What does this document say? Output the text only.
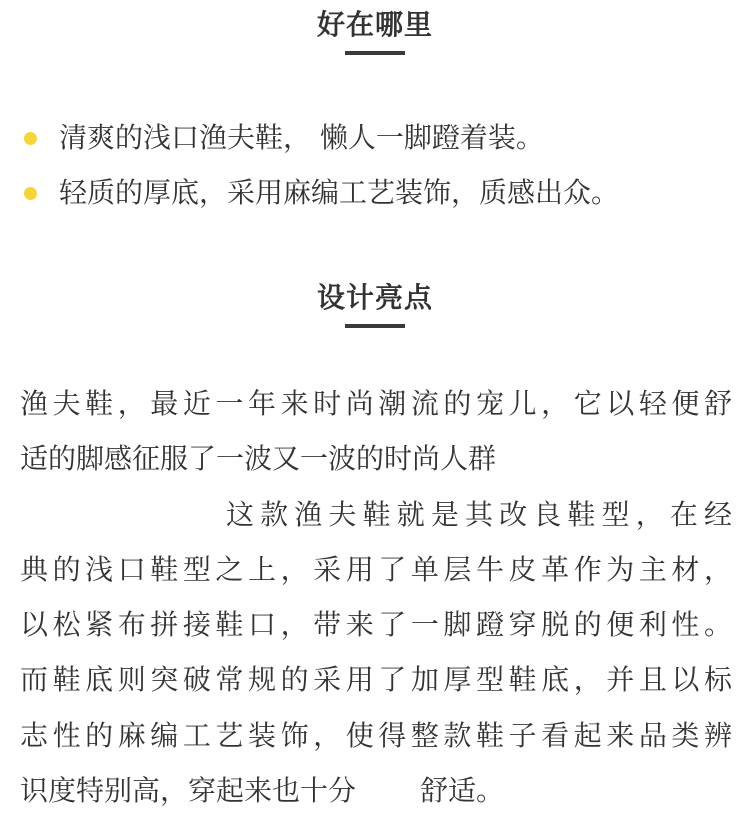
好在哪里
清爽的浅口渔夫鞋， 懒人一脚蹬着装。
轻质的厚底，采用麻编工艺装饰，质感出众。
设计亮点
渔夫鞋，最近一年来时尚潮流的宠儿，它以轻便舒
适的脚感征服了一波又一波的时尚人群
这款渔夫鞋就是其改良鞋型，在经
典的浅口鞋型之上，采用了单层牛皮革作为主材，
以松紧布拼接鞋口，带来了一脚蹬穿脱的便利性。
而鞋底则突破常规的采用了加厚型鞋底，并且以标
志性的麻编工艺装饰，使得整款鞋子看起来品类辨
识度特别高，穿起来也十分 舒适。
